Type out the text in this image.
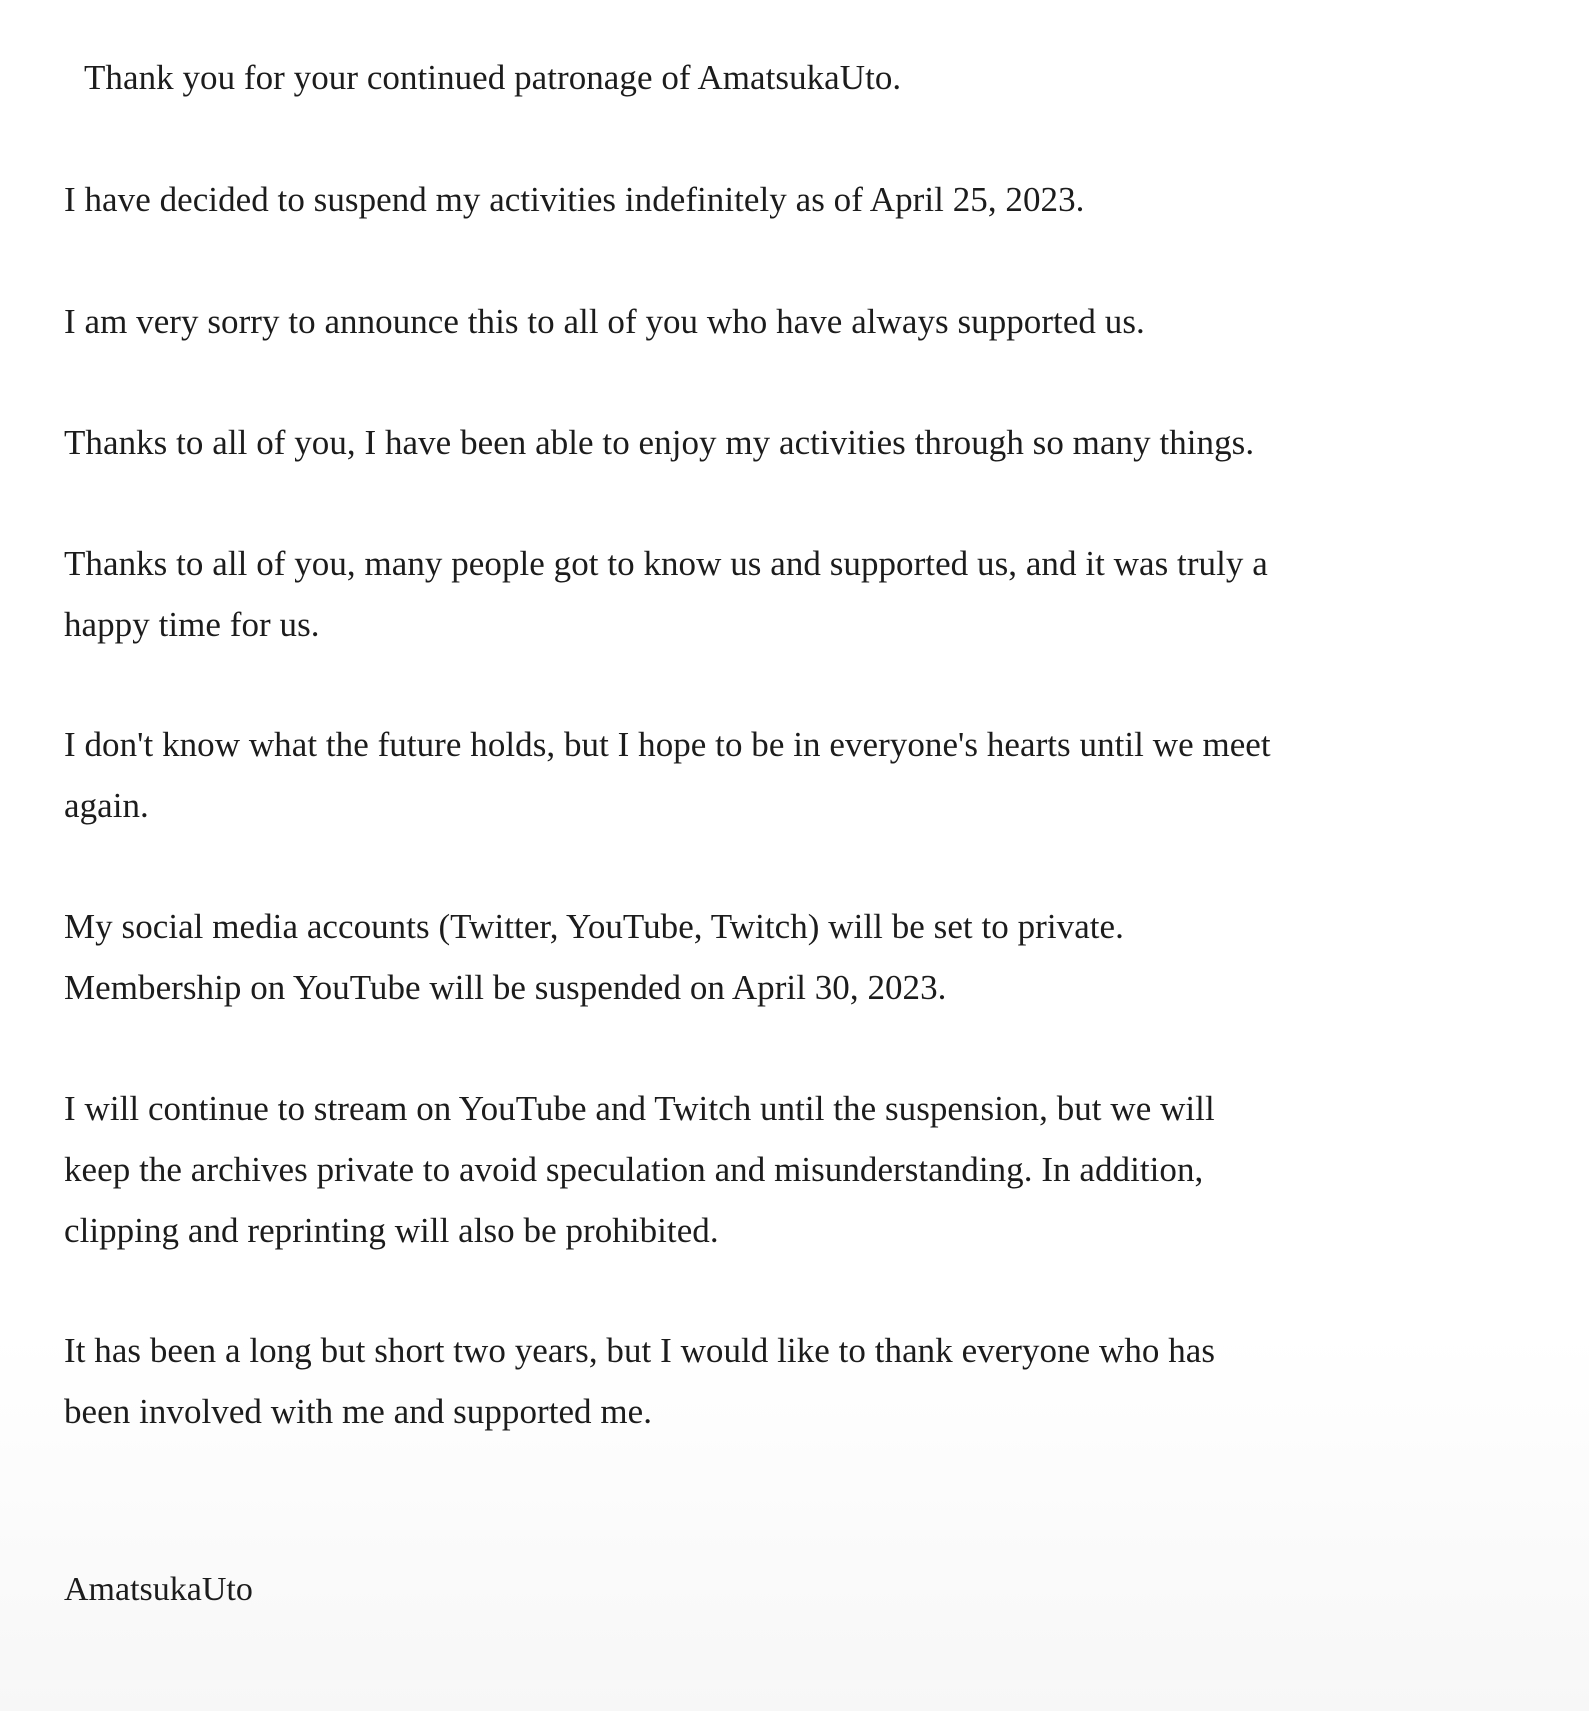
Thank you for your continued patronage of AmatsukaUto.
I have decided to suspend my activities indefinitely as of April 25, 2023.
I am very sorry to announce this to all of you who have always supported us.
Thanks to all of you, I have been able to enjoy my activities through so many things.
Thanks to all of you, many people got to know us and supported us, and it was truly a
happy time for us.
I don't know what the future holds, but I hope to be in everyone's hearts until we meet
again.
My social media accounts (Twitter, YouTube, Twitch) will be set to private.
Membership on YouTube will be suspended on April 30, 2023.
I will continue to stream on YouTube and Twitch until the suspension, but we will
keep the archives private to avoid speculation and misunderstanding. In addition,
clipping and reprinting will also be prohibited.
It has been a long but short two years, but I would like to thank everyone who has
been involved with me and supported me.
AmatsukaUto
